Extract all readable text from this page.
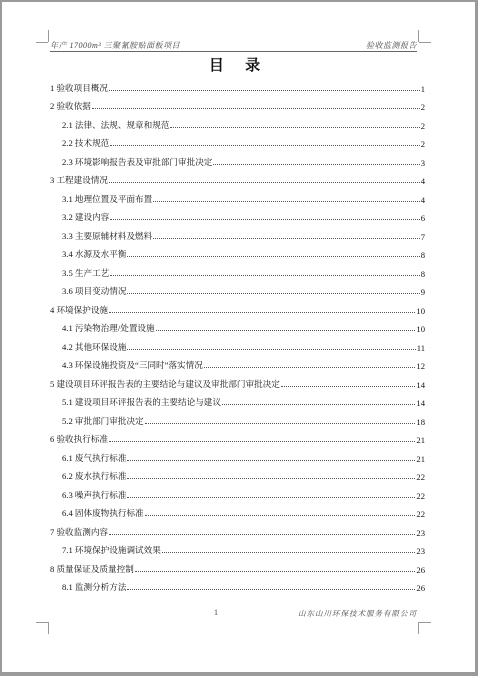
年产 17000m³ 三聚氰胺贴面板项目	验收监测报告
目 录
1 验收项目概况	1
2 验收依据	2
2.1 法律、法规、规章和规范	2
2.2 技术规范	2
2.3 环境影响报告表及审批部门审批决定	3
3 工程建设情况	4
3.1 地理位置及平面布置	4
3.2 建设内容	6
3.3 主要原辅材料及燃料	7
3.4 水源及水平衡	8
3.5 生产工艺	8
3.6 项目变动情况	9
4 环境保护设施	10
4.1 污染物治理/处置设施	10
4.2 其他环保设施	11
4.3 环保设施投资及“三同时”落实情况	12
5 建设项目环评报告表的主要结论与建议及审批部门审批决定	14
5.1 建设项目环评报告表的主要结论与建议	14
5.2 审批部门审批决定	18
6 验收执行标准	21
6.1 废气执行标准	21
6.2 废水执行标准	22
6.3 噪声执行标准	22
6.4 固体废物执行标准	22
7 验收监测内容	23
7.1 环境保护设施调试效果	23
8 质量保证及质量控制	26
8.1 监测分析方法	26
1	山东山川环保技术服务有限公司
